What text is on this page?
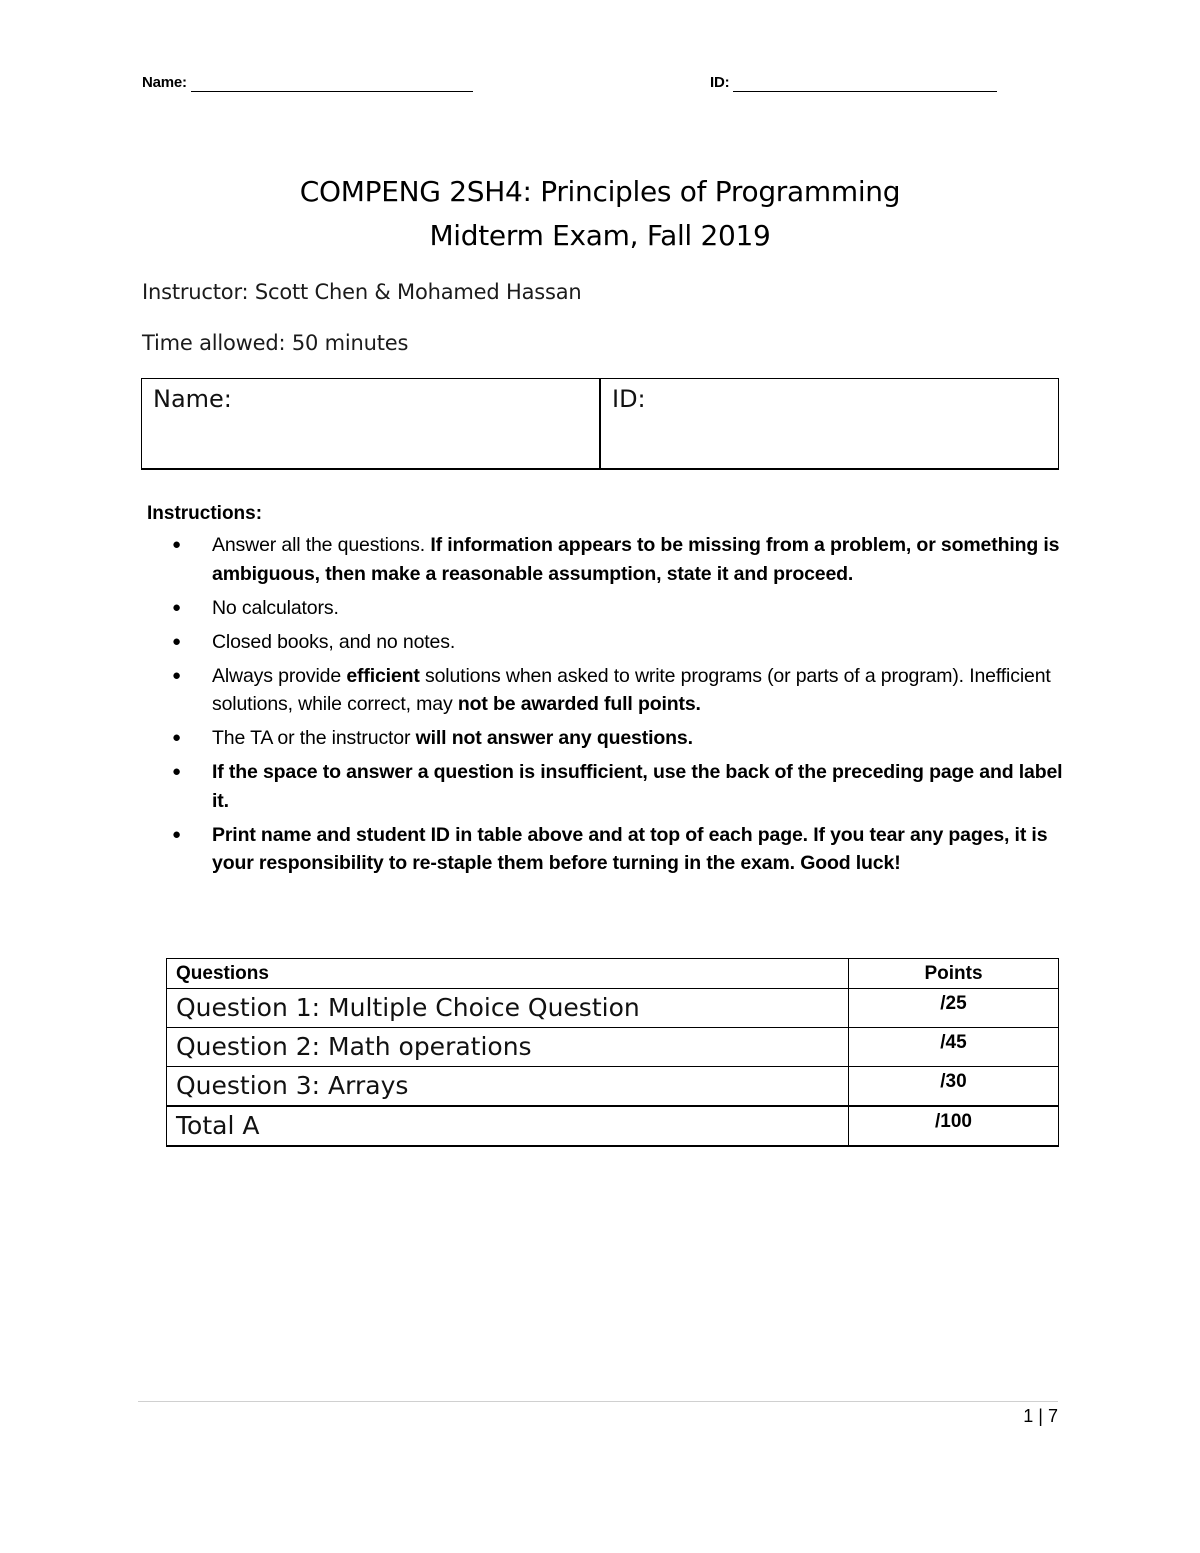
Name:	ID:
COMPENG 2SH4: Principles of Programming
Midterm Exam, Fall 2019
Instructor: Scott Chen & Mohamed Hassan
Time allowed: 50 minutes
Name:	ID:
Instructions:
● Answer all the questions. If information appears to be missing from a problem, or something is ambiguous, then make a reasonable assumption, state it and proceed.
● No calculators.
● Closed books, and no notes.
● Always provide efficient solutions when asked to write programs (or parts of a program). Inefficient solutions, while correct, may not be awarded full points.
● The TA or the instructor will not answer any questions.
● If the space to answer a question is insufficient, use the back of the preceding page and label it.
● Print name and student ID in table above and at top of each page. If you tear any pages, it is your responsibility to re-staple them before turning in the exam. Good luck!
Questions	Points
Question 1: Multiple Choice Question	/25
Question 2: Math operations	/45
Question 3: Arrays	/30
Total A	/100
1 | 7
